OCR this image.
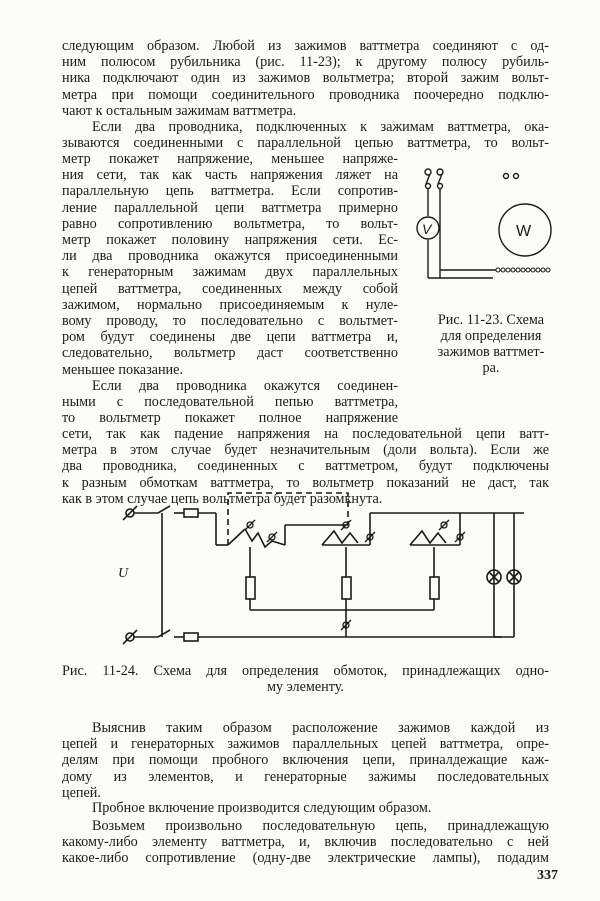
следующим образом. Любой из зажимов ваттметра соединяют с од-
ним полюсом рубильника (рис. 11-23); к другому полюсу рубиль-
ника подключают один из зажимов вольтметра; второй зажим вольт-
метра при помощи соединительного проводника поочередно подклю-
чают к остальным зажимам ваттметра.
Если два проводника, подключенных к зажимам ваттметра, ока-
зываются соединенными с параллельной цепью ваттметра, то вольт-
метр покажет напряжение, меньшее напряже-
ния сети, так как часть напряжения ляжет на
параллельную цепь ваттметра. Если сопротив-
ление параллельной цепи ваттметра примерно
равно сопротивлению вольтметра, то вольт-
метр покажет половину напряжения сети. Ес-
ли два проводника окажутся присоединенными
к генераторным зажимам двух параллельных
цепей ваттметра, соединенных между собой
зажимом, нормально присоединяемым к нуле-
вому проводу, то последовательно с вольтмет-
ром будут соединены две цепи ваттметра и,
следовательно, вольтметр даст соответственно
меньшее показание.
Если два проводника окажутся соединен-
ными с последовательной пепью ваттметра,
то вольтметр покажет полное напряжение
сети, так как падение напряжения на последовательной цепи ватт-
метра в этом случае будет незначительным (доли вольта). Если же
два проводника, соединенных с ваттметром, будут подключены
к разным обмоткам ваттметра, то вольтметр показаний не даст, так
как в этом случае цепь вольтметра будет разомкнута.
V	W
Рис. 11-23. Схема
для определения
зажимов ваттмет-
ра.
U
Рис. 11-24. Схема для определения обмоток, принадлежащих одно-
му элементу.
Выяснив таким образом расположение зажимов каждой из
цепей и генераторных зажимов параллельных цепей ваттметра, опре-
делям при помощи пробного включения цепи, приналдежащие каж-
дому из элементов, и генераторные зажимы последовательных
цепей.
Пробное включение производится следующим образом.
Возьмем произвольно последовательную цепь, принадлежащую
какому-либо элементу ваттметра, и, включив последовательно с ней
какое-либо сопротивление (одну-две электрические лампы), подадим
337
